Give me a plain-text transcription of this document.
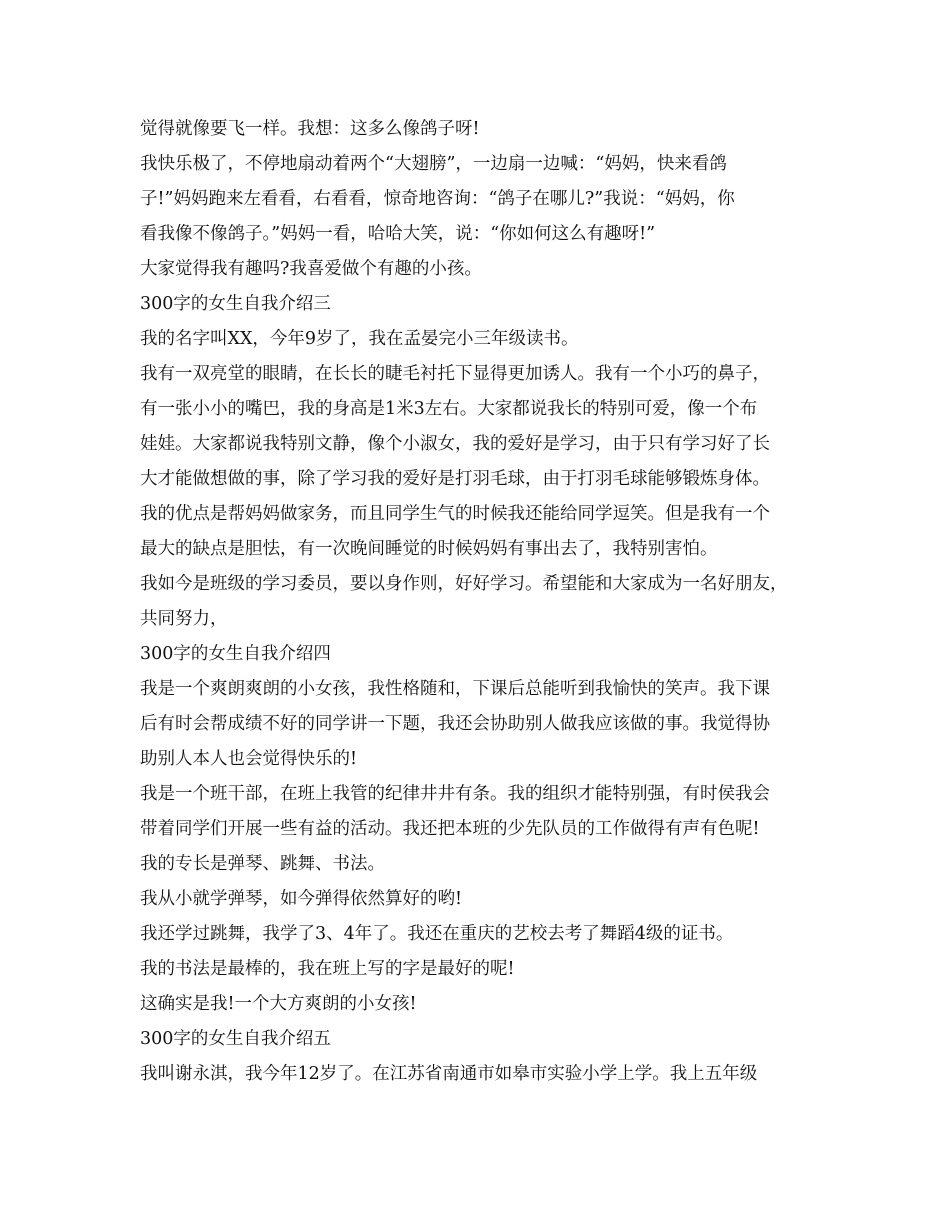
觉得就像要飞一样。我想：这多么像鸽子呀!
我快乐极了，不停地扇动着两个“大翅膀”，一边扇一边喊：“妈妈，快来看鸽
子!”妈妈跑来左看看，右看看，惊奇地咨询：“鸽子在哪儿?”我说：“妈妈，你
看我像不像鸽子。”妈妈一看，哈哈大笑，说：“你如何这么有趣呀!”
大家觉得我有趣吗?我喜爱做个有趣的小孩。
300字的女生自我介绍三
我的名字叫XX，今年9岁了，我在孟晏完小三年级读书。
我有一双亮堂的眼睛，在长长的睫毛衬托下显得更加诱人。我有一个小巧的鼻子，
有一张小小的嘴巴，我的身高是1米3左右。大家都说我长的特别可爱，像一个布
娃娃。大家都说我特别文静，像个小淑女，我的爱好是学习，由于只有学习好了长
大才能做想做的事，除了学习我的爱好是打羽毛球，由于打羽毛球能够锻炼身体。
我的优点是帮妈妈做家务，而且同学生气的时候我还能给同学逗笑。但是我有一个
最大的缺点是胆怯，有一次晚间睡觉的时候妈妈有事出去了，我特别害怕。
我如今是班级的学习委员，要以身作则，好好学习。希望能和大家成为一名好朋友，
共同努力，
300字的女生自我介绍四
我是一个爽朗爽朗的小女孩，我性格随和，下课后总能听到我愉快的笑声。我下课
后有时会帮成绩不好的同学讲一下题，我还会协助别人做我应该做的事。我觉得协
助别人本人也会觉得快乐的!
我是一个班干部，在班上我管的纪律井井有条。我的组织才能特别强，有时侯我会
带着同学们开展一些有益的活动。我还把本班的少先队员的工作做得有声有色呢!
我的专长是弹琴、跳舞、书法。
我从小就学弹琴，如今弹得依然算好的哟!
我还学过跳舞，我学了3、4年了。我还在重庆的艺校去考了舞蹈4级的证书。
我的书法是最棒的，我在班上写的字是最好的呢!
这确实是我!一个大方爽朗的小女孩!
300字的女生自我介绍五
我叫谢永淇，我今年12岁了。在江苏省南通市如皋市实验小学上学。我上五年级
